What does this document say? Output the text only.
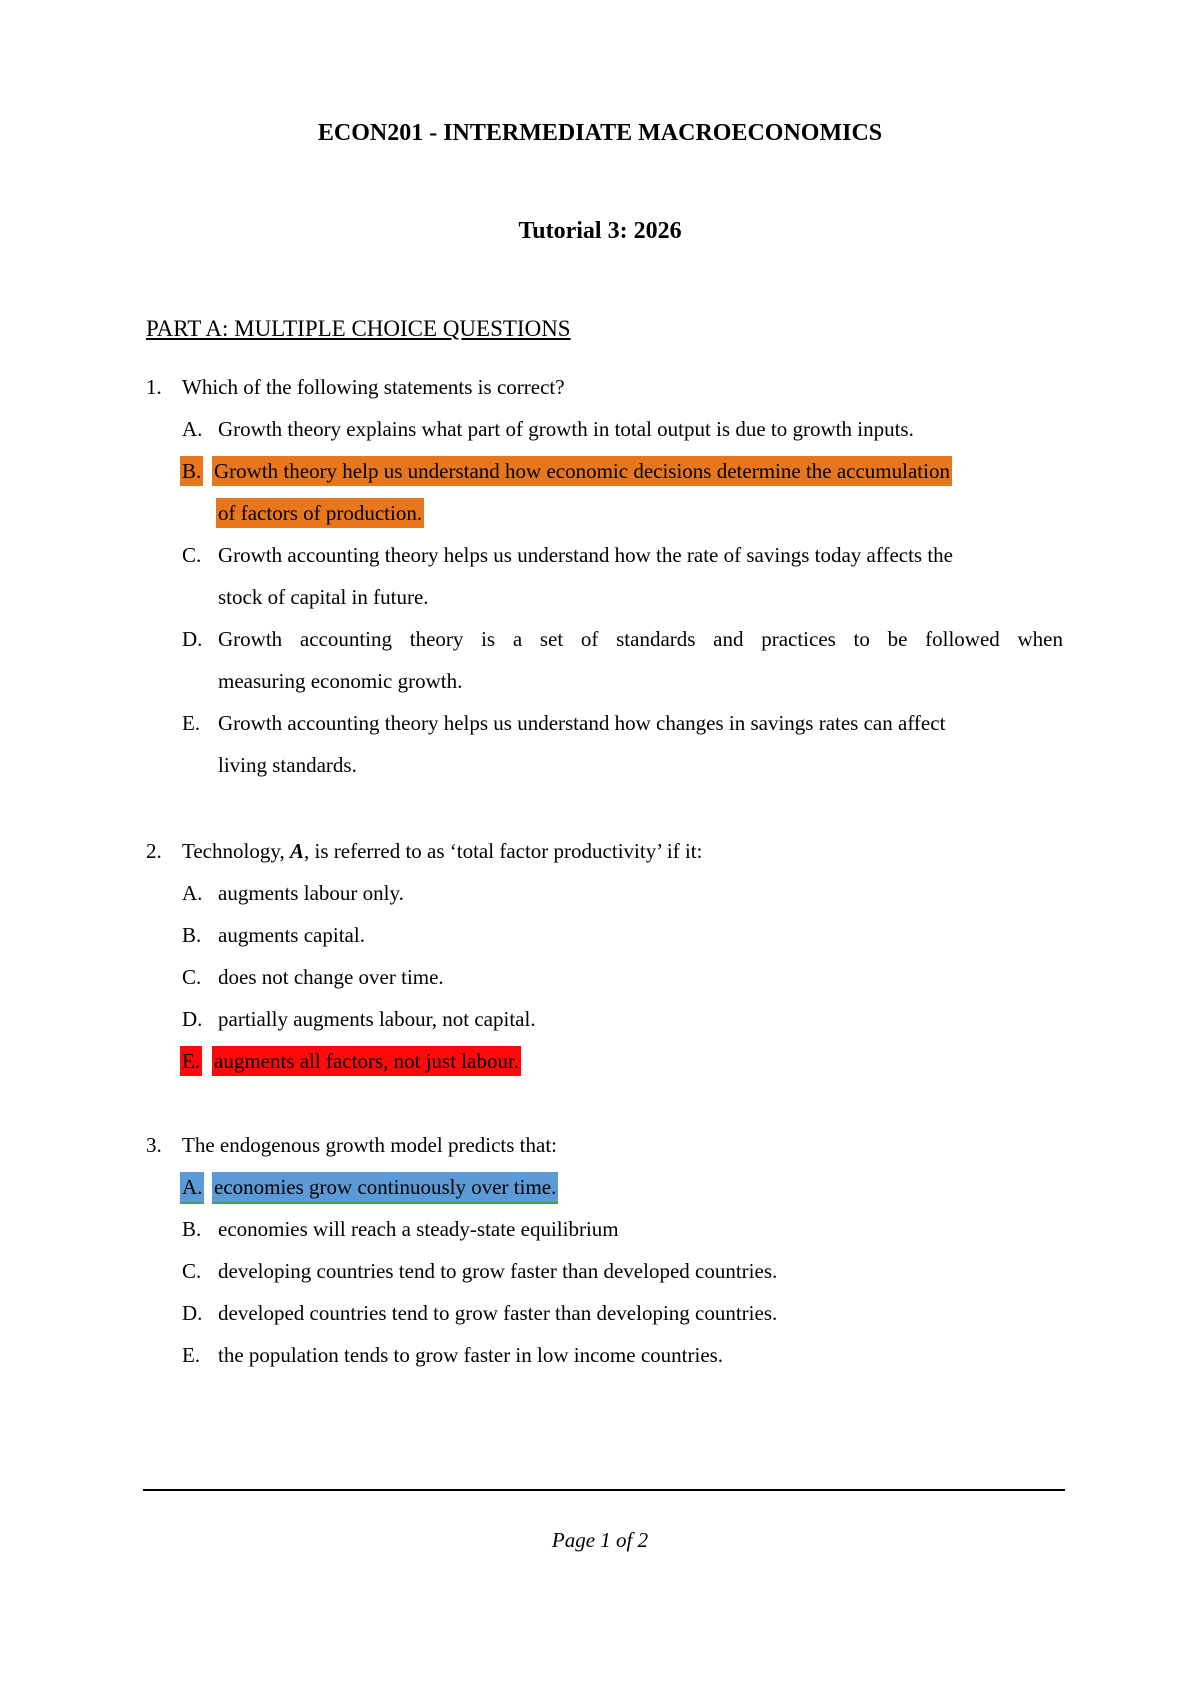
ECON201 - INTERMEDIATE MACROECONOMICS
Tutorial 3: 2026
PART A: MULTIPLE CHOICE QUESTIONS
1. Which of the following statements is correct?
A. Growth theory explains what part of growth in total output is due to growth inputs.
B. Growth theory help us understand how economic decisions determine the accumulation
of factors of production.
C. Growth accounting theory helps us understand how the rate of savings today affects the
stock of capital in future.
D. Growth accounting theory is a set of standards and practices to be followed when
measuring economic growth.
E. Growth accounting theory helps us understand how changes in savings rates can affect
living standards.
2. Technology, A, is referred to as ‘total factor productivity’ if it:
A. augments labour only.
B. augments capital.
C. does not change over time.
D. partially augments labour, not capital.
E. augments all factors, not just labour.
3. The endogenous growth model predicts that:
A. economies grow continuously over time.
B. economies will reach a steady-state equilibrium
C. developing countries tend to grow faster than developed countries.
D. developed countries tend to grow faster than developing countries.
E. the population tends to grow faster in low income countries.
Page 1 of 2
